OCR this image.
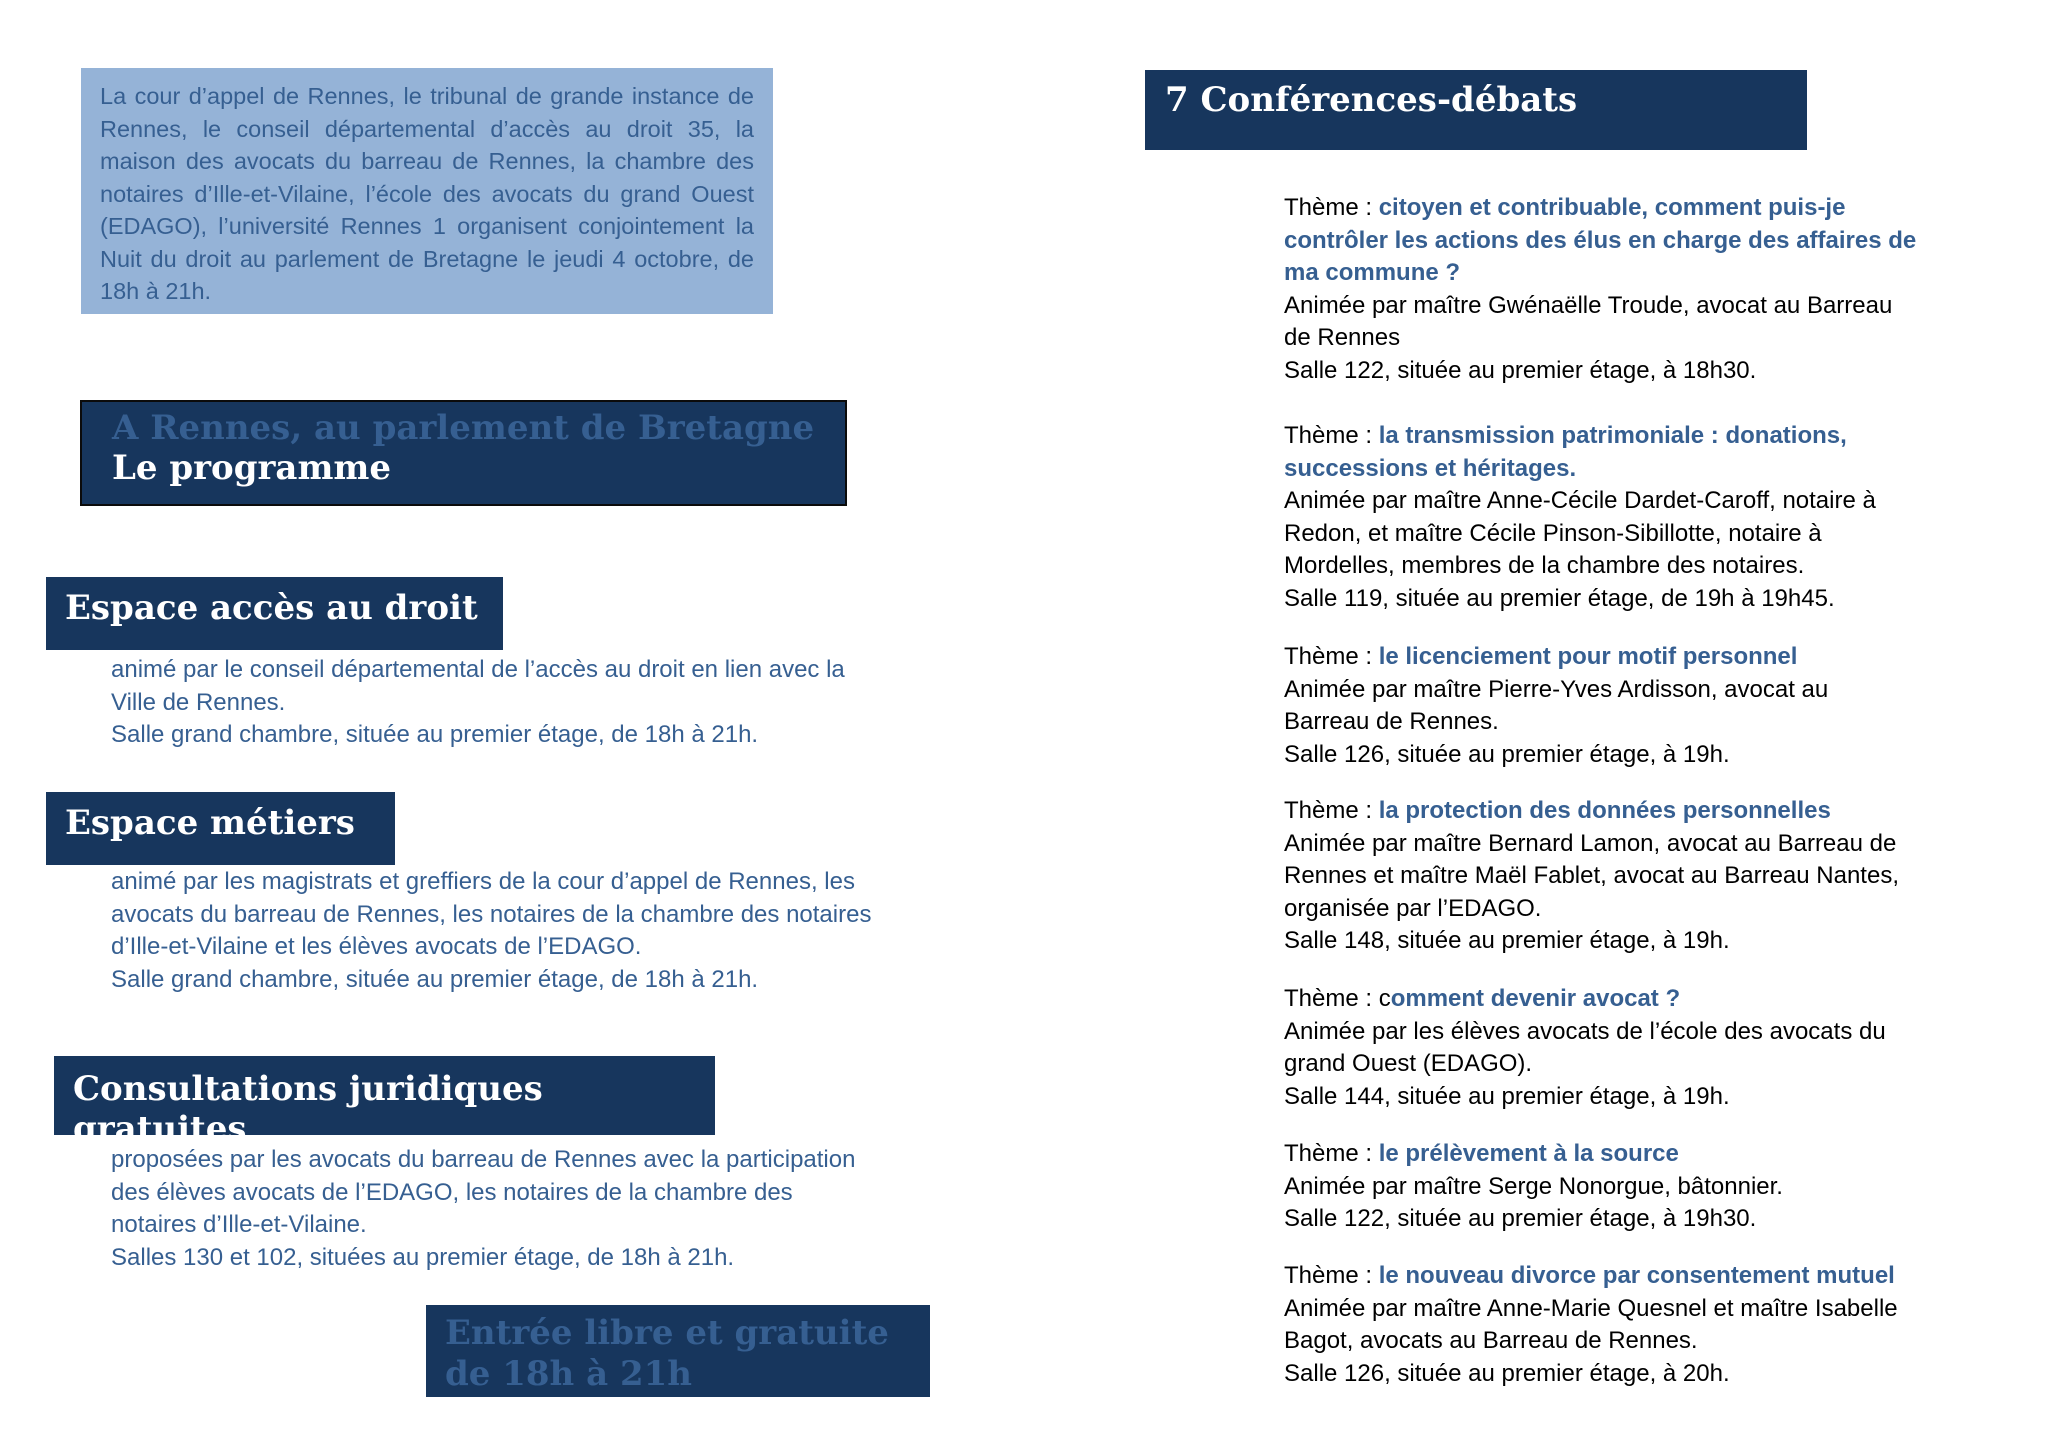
La cour d’appel de Rennes, le tribunal de grande instance de Rennes, le conseil départemental d’accès au droit 35, la maison des avocats du barreau de Rennes, la chambre des notaires d’Ille-et-Vilaine, l’école des avocats du grand Ouest (EDAGO), l’université Rennes 1 organisent conjointement la Nuit du droit au parlement de Bretagne le jeudi 4 octobre, de 18h à 21h.
A Rennes, au parlement de Bretagne
Le programme
Espace accès au droit
animé par le conseil départemental de l’accès au droit en lien avec la
Ville de Rennes.
Salle grand chambre, située au premier étage, de 18h à 21h.
Espace métiers
animé par les magistrats et greffiers de la cour d’appel de Rennes, les
avocats du barreau de Rennes, les notaires de la chambre des notaires
d’Ille-et-Vilaine et les élèves avocats de l’EDAGO.
Salle grand chambre, située au premier étage, de 18h à 21h.
Consultations juridiques gratuites
proposées par les avocats du barreau de Rennes avec la participation
des élèves avocats de l’EDAGO, les notaires de la chambre des
notaires d’Ille-et-Vilaine.
Salles 130 et 102, situées au premier étage, de 18h à 21h.
Entrée libre et gratuite
de 18h à 21h
7 Conférences-débats
Thème : citoyen et contribuable, comment puis-je
contrôler les actions des élus en charge des affaires de
ma commune ?
Animée par maître Gwénaëlle Troude, avocat au Barreau
de Rennes
Salle 122, située au premier étage, à 18h30.
Thème : la transmission patrimoniale : donations,
successions et héritages.
Animée par maître Anne-Cécile Dardet-Caroff, notaire à
Redon, et maître Cécile Pinson-Sibillotte, notaire à
Mordelles, membres de la chambre des notaires.
Salle 119, située au premier étage, de 19h à 19h45.
Thème : le licenciement pour motif personnel
Animée par maître Pierre-Yves Ardisson, avocat au
Barreau de Rennes.
Salle 126, située au premier étage, à 19h.
Thème : la protection des données personnelles
Animée par maître Bernard Lamon, avocat au Barreau de
Rennes et maître Maël Fablet, avocat au Barreau Nantes,
organisée par l’EDAGO.
Salle 148, située au premier étage, à 19h.
Thème : comment devenir avocat ?
Animée par les élèves avocats de l’école des avocats du
grand Ouest (EDAGO).
Salle 144, située au premier étage, à 19h.
Thème : le prélèvement à la source
Animée par maître Serge Nonorgue, bâtonnier.
Salle 122, située au premier étage, à 19h30.
Thème : le nouveau divorce par consentement mutuel
Animée par maître Anne-Marie Quesnel et maître Isabelle
Bagot, avocats au Barreau de Rennes.
Salle 126, située au premier étage, à 20h.
